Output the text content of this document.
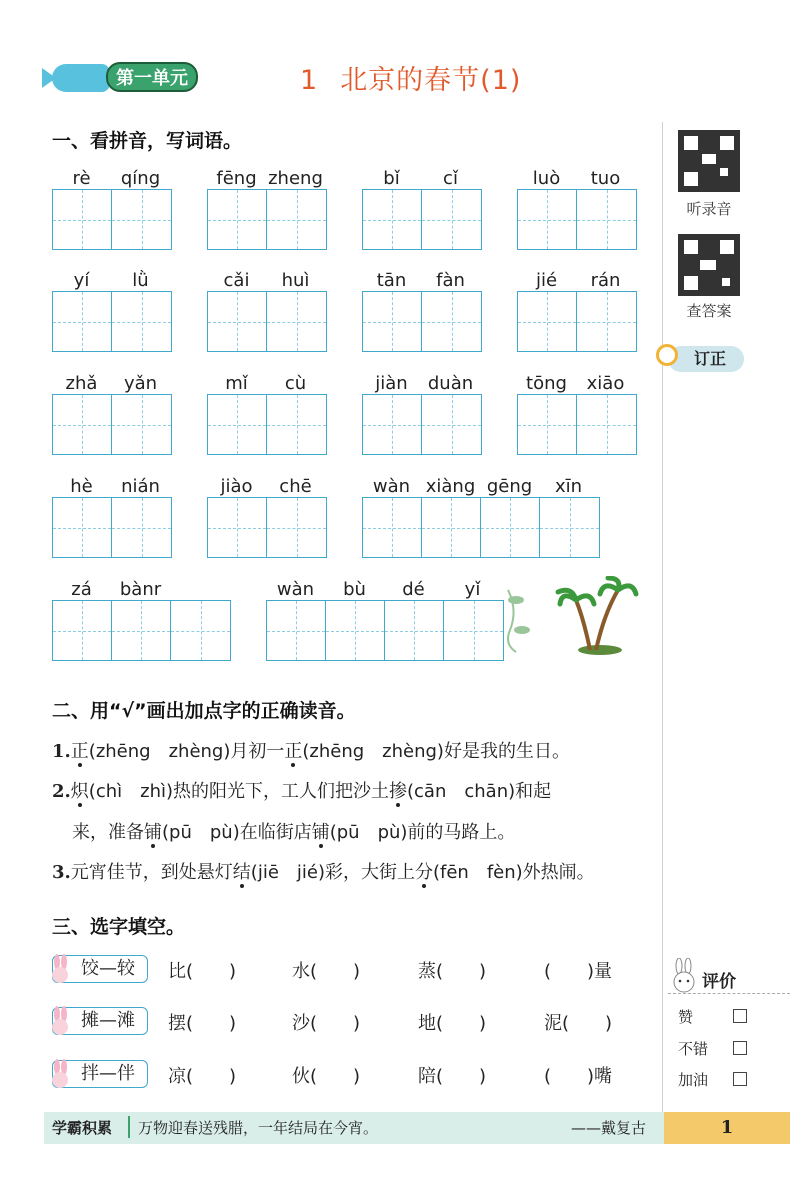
第一单元	1 北京的春节(1)
一、看拼音，写词语。
rè	qíng	fēng zheng	bǐ	cǐ	luò	tuo
yí	lǜ	cǎi	huì	tān	fàn	jié	rán
zhǎ	yǎn	mǐ	cù	jiàn	duàn	tōng	xiāo
hè	nián	jiào	chē	wàn xiàng gēng	xīn
zá	bànr	wàn	bù	dé	yǐ
二、用“√”画出加点字的正确读音。
1.正(zhēng　zhèng)月初一正(zhēng　zhèng)好是我的生日。
2.炽(chì　zhì)热的阳光下，工人们把沙土掺(cān　chān)和起
来，准备铺(pū　pù)在临街店铺(pū　pù)前的马路上。
3.元宵佳节，到处悬灯结(jiē　jié)彩，大街上分(fēn　fèn)外热闹。
三、选字填空。
饺—较	比(　　)	水(　　)	蒸(　　)	(　　)量
摊—滩	摆(　　)	沙(　　)	地(　　)	泥(　　)
拌—伴	凉(　　)	伙(　　)	陪(　　)	(　　)嘴
听录音
查答案
订正
评价
赞
不错
加油
学霸积累 万物迎春送残腊，一年结局在今宵。	——戴复古	1
